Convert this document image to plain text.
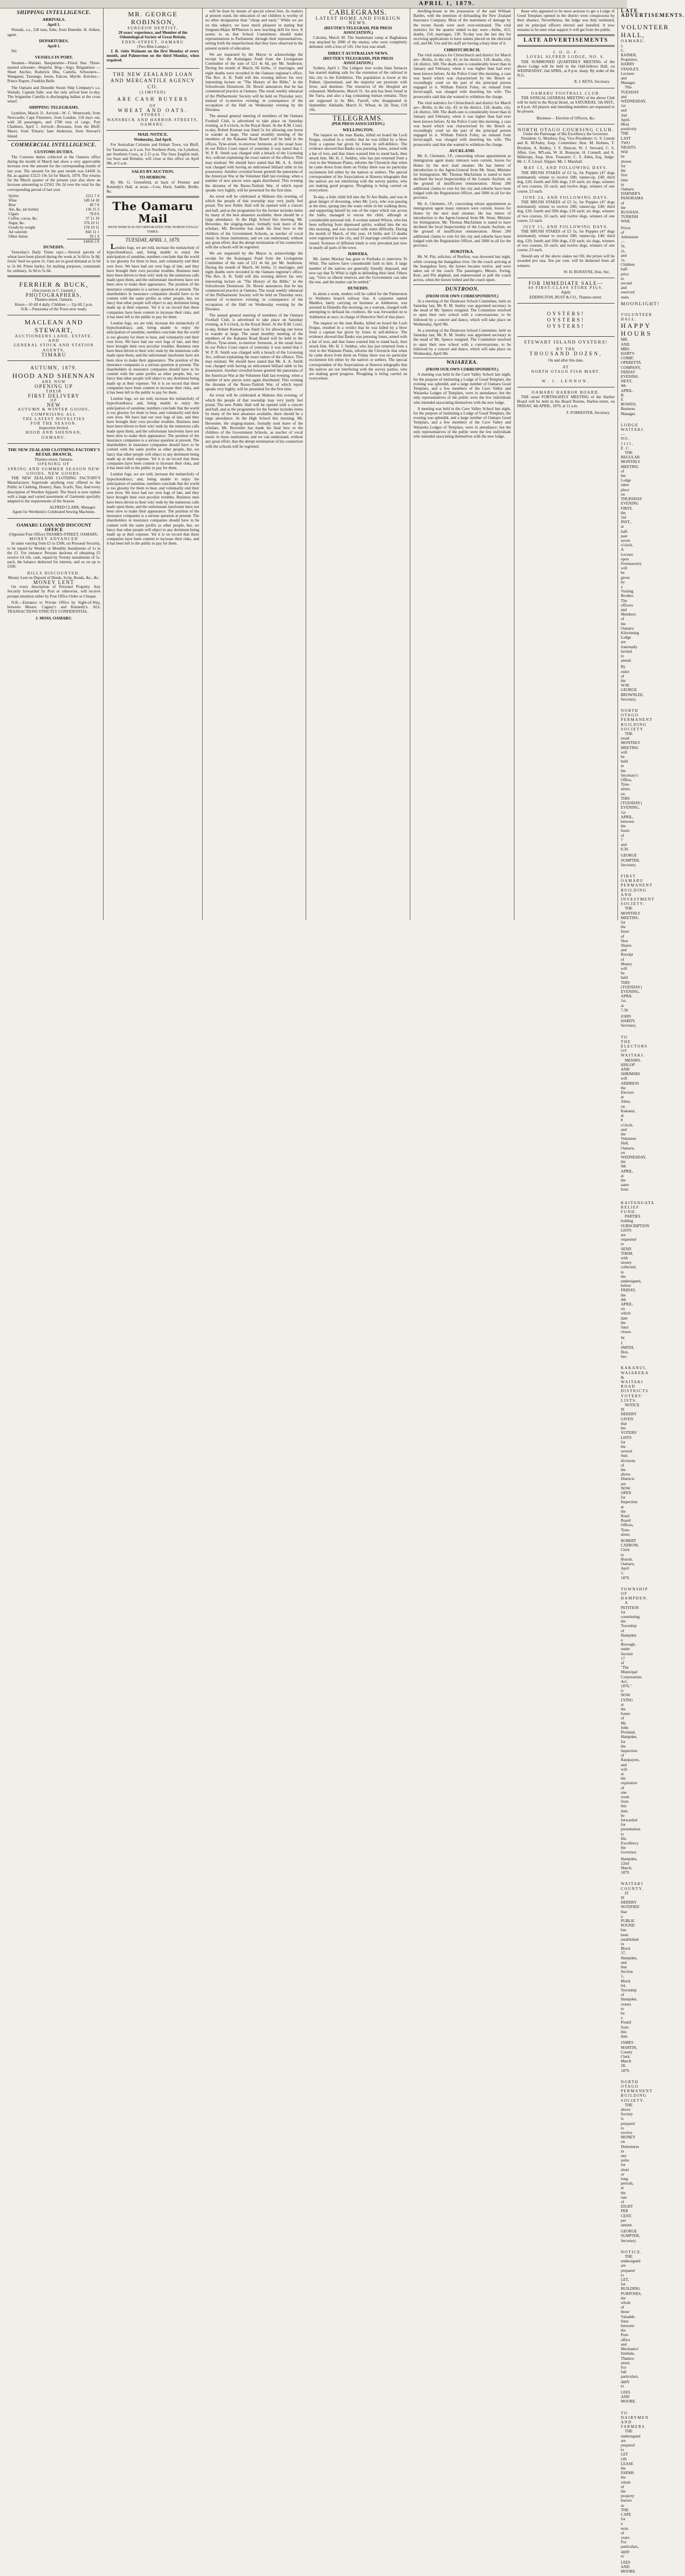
APRIL 1, 1879.
SHIPPING INTELLIGENCE.
ARRIVALS.
April 1.
Waitaki, s.s., 228 tons, Edie, from Dunedin. H. Aitken, agent.
DEPARTURES.
April 1.
Nil.
VESSELS IN PORT.
Steamer—Waitaki. Barquentine—Floral Star. Three-masted schooner—Hopeful. Brig—Argo. Brigantines — Sheet Anchor, Roderick Dhu, Camilla. Schooners—Wanganui, Taurange, Jessie, Falcon, Myrtle. Ketches—Prince Rupert, Franklin Belle.
The Oamaru and Dunedin Steam Ship Company's s.s. Waitaki, Captain Edie, was the only arrival here to-day. The brigantine Camilla is discharging ballast at the cross wharf.
SHIPPING TELEGRAMS.
Lyttelton, March 31. Arrived—W. C. Wentworth, from Newcastle; Cape Finisterre, from London, 118 days out, with 28 passengers, and 1700 tons of cargo. Port Chalmers, April 1. Arrived—Rewanui, from the Bluff; Maori, from Timaru; Jane Anderson, from Stewart's Island.
COMMERCIAL INTELLIGENCE.
CUSTOMS DUTIES.
The Customs duties collected at the Oamaru office during the month of March last show a very appreciable increase over the amount for the corresponding month of last year. The amount for the past month was £4436 2s 8d, as against £3223 10s 5d for March, 1878. The returns for the March quarter of the present year also show an increase amounting to £2562 19s 2d over the total for the corresponding period of last year.
Spirits	2211 7 4
Wine	149 14 10
Beer	49 7 0
Ale, &c. (in bottle)	136 15 3
Cigars	78 0 6
Coffee, cocoa, &c.	37 11 10
Sugar, &c.	376 10 11
Goods by weight	178 10 11
Ad valorem	843 11 1
Other duties	39 1 9
	£4436 2 8
DUNEDIN.
Yesterday's Daily Times says:—Several parcels of wheat have been placed during the week at 3s 6d to 3s 8d; fowls' feed we quote 2s. Oats are in good demand at 2s 6d to 2s 8d. Prime barley, for malting purposes, commands 6s; ordinary, 3s 9d to 5s 6d.
FERRIER & BUCK,
(Successors to C. Garnett,)
PHOTOGRAPHERS,
Thames-street, Oamaru.
Hours—10 till 4 daily. Children — Up till 2 p.m.
N.B.—Panorama of the Town now ready.
MACLEAN AND STEWART,
AUCTIONEERS LAND, ESTATE,
AND
GENERAL STOCK AND STATION AGENTS,
TIMARU
AUTUMN, 1879.
HOOD AND SHENNAN
ARE NOW
OPENING UP
THEIR
FIRST DELIVERY
OF
NEW
AUTUMN & WINTER GOODS,
COMPRISING ALL
THE LATEST NOVELTIES
FOR THE SEASON.
Inspection Invited.
HOOD AND SHENNAN,
OAMARU.
THE NEW ZEALAND CLOTHING FACTORY'S RETAIL BRANCH,
Thames-street, Oamaru.
OPENING OF
SPRING AND SUMMER SEASON NEW GOODS, NEW GOODS.
THE NEW ZEALAND CLOTHING FACTORY'S Manufactures Supersede anything ever offered to the Public in Clothing, Hosiery, Hats, Scarfs, Ties, And every description of Woollen Apparel. The Stock is now replete with a large and varied assortment of Garments specially adapted to the requirements of the Season.
ALFRED CLARK, Manager.
Agent for Wertheim's Celebrated Sewing Machines.
OAMARU LOAN AND DISCOUNT OFFICE
(Opposite Post Office) THAMES-STREET, OAMARU.
MONEY ADVANCED
In sums varying from £5 to £500, on Personal Security, to be repaid by Weekly or Monthly Instalments of 1s in the £1. For instance: Persons desirous of obtaining £5 receive £4 10s. cash, repaid by Twenty instalments of 5s. each, the balance deducted for interest, and so on up to £500.
BILLS DISCOUNTED.
Money Lent on Deposit of Deeds, Scrip, Bonds, &c., &c.
MONEY LENT
On every description of Personal Property. Any Security forwarded by Post or otherwise, will receive prompt attention either by Post Office Order or Cheque.
N.B.—Entrance to Private Office by Sight-of-Way, between Messrs. Cagney's and Kennedy's. ALL TRANSACTIONS STRICTLY CONFIDENTIAL.
J. MOSS, OAMARU.
MR. GEORGE ROBINSON,
SURGEON DENTIST,
20 years' experience, and Member of the Odontological Society of Great Britain,
EDEN-STREET, OAMARU
(Two Blue Lamps.)
J. R. visits Waimate on the first Monday of every month, and Palmerston on the third Monday, when required.
THE NEW ZEALAND LOAN AND MERCANTILE AGENCY CO.
(LIMITED)
ARE CASH BUYERS
OF
WHEAT AND OATS.
STORES :
WANSBECK AND HARBOR-STREETS, OAMARU.
MAIL NOTICE.
Wednesday, 2nd April.
For Australian Colonies and Hobart Town, via Bluff, for Tasmania, at 6 a.m. For Northern Ports, via Lyttelton, per Southern Cross, at 2.15 p.m. The Suez English mail, via Suez and Brindisi, will close at this office on April 9th, at 6 a.m.
SALES BY AUCTION.
TO-MORROW.
By Mr. G. Greenfield, at back of Premier and Kennedy's Hall, at noon.—Cow, Hack, Saddle, Bridle, &c.
The Oamaru Mail
WITH WHICH IS INCORPORATED THE NORTH OTAGO TIMES.
TUESDAY, APRIL 1, 1879.
London fogs, we are told, increase the melancholy of hypochondriacs; and, being unable to enjoy the anticipation of sunshine, numbers conclude that the world is too gloomy for them to bear, and voluntarily end their own lives. We have had our own fogs of late, and they have brought their own peculiar troubles. Business men have been driven to their wits' ends by the numerous calls made upon them, and the unfortunate insolvents have not been slow to make their appearance. The position of the insurance companies is a serious question at present. The shareholders in insurance companies should have to be content with the same profits as other people, but, we fancy that other people will object to any detriment being made up at their expense. Yet it is on record that these companies have been content to increase their risks, and it has been left to the public to pay for them.
London fogs, we are told, increase the melancholy of hypochondriacs; and, being unable to enjoy the anticipation of sunshine, numbers conclude that the world is too gloomy for them to bear, and voluntarily end their own lives. We have had our own fogs of late, and they have brought their own peculiar troubles. Business men have been driven to their wits' ends by the numerous calls made upon them, and the unfortunate insolvents have not been slow to make their appearance. The position of the insurance companies is a serious question at present. The shareholders in insurance companies should have to be content with the same profits as other people, but, we fancy that other people will object to any detriment being made up at their expense. Yet it is on record that these companies have been content to increase their risks, and it has been left to the public to pay for them.
London fogs, we are told, increase the melancholy of hypochondriacs; and, being unable to enjoy the anticipation of sunshine, numbers conclude that the world is too gloomy for them to bear, and voluntarily end their own lives. We have had our own fogs of late, and they have brought their own peculiar troubles. Business men have been driven to their wits' ends by the numerous calls made upon them, and the unfortunate insolvents have not been slow to make their appearance. The position of the insurance companies is a serious question at present. The shareholders in insurance companies should have to be content with the same profits as other people, but, we fancy that other people will object to any detriment being made up at their expense. Yet it is on record that these companies have been content to increase their risks, and it has been left to the public to pay for them.
London fogs, we are told, increase the melancholy of hypochondriacs; and, being unable to enjoy the anticipation of sunshine, numbers conclude that the world is too gloomy for them to bear, and voluntarily end their own lives. We have had our own fogs of late, and they have brought their own peculiar troubles. Business men have been driven to their wits' ends by the numerous calls made upon them, and the unfortunate insolvents have not been slow to make their appearance. The position of the insurance companies is a serious question at present. The shareholders in insurance companies should have to be content with the same profits as other people, but, we fancy that other people will object to any detriment being made up at their expense. Yet it is on record that these companies have been content to increase their risks, and it has been left to the public to pay for them.
will be done by means of special school fees. As matters at present stand, the education of our children is worthy of no other designation than "cheap and nasty." While we are on this subject, we have much pleasure in stating that Sergeant-Major M'Pherson is now teaching drill for love. It seems to us that School Committees should make representations to Parliament, through their representatives, setting forth the imperfections that they have observed in the present system of education.
We are requested by the Mayor to acknowledge the receipt for the Kaitangata Fund from the Livingstone Committee of the sum of £21 4s 6d, per Mr. Anderson. During the month of March, 66 births, 11 marriages, and eight deaths were recorded in the Oamaru registrar's office. The Rev. A. B. Todd will this evening deliver his very interesting lecture on "The History of the Bible," in the Schoolroom Dunstroon. Dr. Bowie announces that he has commenced practice at Oamaru. The usual weekly rehearsal of the Philharmonic Society will be held on Thursday next, instead of to-morrow evening, in consequence of the occupation of the Hall on Wednesday evening by the Diorama.
The annual general meeting of members of the Oamaru Football Club, is advertised to take place on Saturday evening, at 8 o'clock, in the Royal Hotel. At the R.M. Court, to-day, Robert Keenan was fined 5s for allowing one horse to wander at large. The usual monthly meeting of the members of the Kakanui Road Board will be held in the offices, Tyne-street, to-morrow forenoon, at the usual hour. In our Police Court report of yesterday it was stated that J. W. P. R. Smith was charged with a breach of the Licensing Act, without explaining the exact nature of the offence. This may mislead. We should have stated that Mr. A. A. Smith was charged with having an unlicensed billiard table in his possession. Another crowded house greeted the panorama of the American War at the Volunteer Hall last evening, when a number of new pieces were again distributed. This evening the diorama of the Russo-Turkish War, of which report speaks very highly, will be presented for the first time.
An event will be celebrated at Maheno this evening, of which the people of that township may very justly feel proud. The new Public Hall will be opened with a concert and ball, and as the programme for the former includes items by many of the best amateurs available, there should be a large attendance. At the High School this morning, Mr. Brownlee, the singing-master, formally took leave of the scholars. Mr. Brownlee has made his final bow to the children of the Government Schools, as teacher of vocal music in those institutions; and we can understand, without any great effort, that the abrupt termination of his connection with the schools will be regretted.
We are requested by the Mayor to acknowledge the receipt for the Kaitangata Fund from the Livingstone Committee of the sum of £21 4s 6d, per Mr. Anderson. During the month of March, 66 births, 11 marriages, and eight deaths were recorded in the Oamaru registrar's office. The Rev. A. B. Todd will this evening deliver his very interesting lecture on "The History of the Bible," in the Schoolroom Dunstroon. Dr. Bowie announces that he has commenced practice at Oamaru. The usual weekly rehearsal of the Philharmonic Society will be held on Thursday next, instead of to-morrow evening, in consequence of the occupation of the Hall on Wednesday evening by the Diorama.
The annual general meeting of members of the Oamaru Football Club, is advertised to take place on Saturday evening, at 8 o'clock, in the Royal Hotel. At the R.M. Court, to-day, Robert Keenan was fined 5s for allowing one horse to wander at large. The usual monthly meeting of the members of the Kakanui Road Board will be held in the offices, Tyne-street, to-morrow forenoon, at the usual hour. In our Police Court report of yesterday it was stated that J. W. P. R. Smith was charged with a breach of the Licensing Act, without explaining the exact nature of the offence. This may mislead. We should have stated that Mr. A. A. Smith was charged with having an unlicensed billiard table in his possession. Another crowded house greeted the panorama of the American War at the Volunteer Hall last evening, when a number of new pieces were again distributed. This evening the diorama of the Russo-Turkish War, of which report speaks very highly, will be presented for the first time.
An event will be celebrated at Maheno this evening, of which the people of that township may very justly feel proud. The new Public Hall will be opened with a concert and ball, and as the programme for the former includes items by many of the best amateurs available, there should be a large attendance. At the High School this morning, Mr. Brownlee, the singing-master, formally took leave of the scholars. Mr. Brownlee has made his final bow to the children of the Government Schools, as teacher of vocal music in those institutions; and we can understand, without any great effort, that the abrupt termination of his connection with the schools will be regretted.
CABLEGRAMS.
LATEST HOME AND FOREIGN NEWS.
(REUTER'S TELEGRAM, PER PRESS ASSOCIATION.)
Calcutta, March 30. The Sandemani camp at Baghakaua was attacked by 2000 of the enemy, who were completely defeated, with a loss of 145. Our loss was small.
DIRECT AUSTRALIAN NEWS.
(REUTER'S TELEGRAMS, PER PRESS ASSOCIATION.)
Sydney, April 1. The Lithgow iron works blast furnaces has started making rails for the extension of the railroad in this city to the Exhibition. The population is lower at the Palmer, Queensland, and the majority are prostrate with fever, and destitute. The resources of the Hospital are exhausted. Melbourne, March 31. An arm has been found in the Yarra, and also a bag containing human remains. They are supposed to be Mrs. Farrell, who disappeared in September. Adelaide, March 31. Wheat, 4s 2d; flour, £10 10s.
TELEGRAMS.
(PER PRESS ASSOCIATION.)
WELLINGTON.
The inquest on the man Banks, killed on board the Loch Fergus, resulted in a verdict that he was killed by a blow from a capstan bar given by Jones in self-defence. The evidence showed that Banks was pursuing Jones, armed with a bar of iron, and that Jones warned him to stand back, then struck him. Mr. H. J. Seddon, who has just returned from a visit to the Waimate Plains, informs the Chronicle that when he came down from them on Friday there was no particular excitement felt either by the natives or settlers. The special correspondent of the Associations at Hawera telegraphs that the natives are not interfering with the survey parties, who are making good progress. Ploughing is being carried on everywhere.
To-day, a little child fell into the Te Aro Baths, and was in great danger of drowning, when Mr. Levy, who was passing at the time, sprang into the water while in her walking dress, and supporting herself by one of the ropes which run across the baths, managed to rescue the child, although at considerable personal risk. A woman named Wilson, who has been suffering from depressed spirits, walked into the sea this morning, and was rescued with some difficulty. During the month of March, of this year, 14 births and 13 deaths were registered in the city, and 33 marriage certificates were issued. Sickness of different kinds is very prevalent just now in nearly all parts of the town.
HAWERA.
Mr. James Mackay has gone to Parihaka to interview Te Whiti. The natives have considerable faith in him. A large number of the natives are generally friendly disposed, and now say that Te Whiti is right in defending their land. Others say, "Give us liberal reserves and the Government can take the rest, and the matter can be settled."
DUNEDIN.
In about a week, tenders will be called for the Palmerston to Waihemo branch railway line. A carpenter named Maddox, lately carrying on business at Ashburton, was arrested in Dunedin this morning, on a warrant, charged with attempting to defraud his creditors. He was forwarded on to Ashburton at once, in charge of Detective Neil of that place.
The inquest on the man Banks, killed on board the Loch Fergus, resulted in a verdict that he was killed by a blow from a capstan bar given by Jones in self-defence. The evidence showed that Banks was pursuing Jones, armed with a bar of iron, and that Jones warned him to stand back, then struck him. Mr. H. J. Seddon, who has just returned from a visit to the Waimate Plains, informs the Chronicle that when he came down from them on Friday there was no particular excitement felt either by the natives or settlers. The special correspondent of the Associations at Hawera telegraphs that the natives are not interfering with the survey parties, who are making good progress. Ploughing is being carried on everywhere.
dwelling-house in the possession of the said William Battles, with the intention of defrauding the New Zealand Insurance Company. Most of the statements of damage by the recent floods were such over-estimated. The vital statistics for the quarter ended to-day were—births, 413; deaths, 154; marriages, 130. To-day was the last day for receiving applications to have names placed on the electoral roll, and Mr. Ure and his staff are having a busy time of it.
CHRISTCHURCH.
The vital statistics for Christchurch and district for March are—Births, in the city, 43; in the district, 118; deaths, city, 24; district, 500. The death-rate is considerably lower than in January and February, when it was higher than had ever been known before. At the Police Court this morning, a case was heard which was characterised by the Bench as exceedingly cruel on the part of the principal person engaged in it. William Patrick Foley, on remand from Invercargill, was charged with deserting his wife. The prosecutrix said that she wanted to withdraw the charge.
The vital statistics for Christchurch and district for March are—Births, in the city, 43; in the district, 118; deaths, city, 24; district, 500. The death-rate is considerably lower than in January and February, when it was higher than had ever been known before. At the Police Court this morning, a case was heard which was characterised by the Bench as exceedingly cruel on the part of the principal person engaged in it. William Patrick Foley, on remand from Invercargill, was charged with deserting his wife. The prosecutrix said that she wanted to withdraw the charge.
AUCKLAND.
Mr. A. Clements, J.P., concerning whose appointment as immigration agent many rumours were current, leaves for Home by the next mail steamer. He has letters of introduction to the Agent-General from Mr. Stout, Minister for Immigration. Mr. Thomas Macfarlane is stated to have declined the local Inspectorship of the Lunatic Asylum, on the ground of insufficient remuneration. About 200 additional claims to vote for the city and suburbs have been lodged with the Registration Officer, and 5000 in all for the province.
Mr. A. Clements, J.P., concerning whose appointment as immigration agent many rumours were current, leaves for Home by the next mail steamer. He has letters of introduction to the Agent-General from Mr. Stout, Minister for Immigration. Mr. Thomas Macfarlane is stated to have declined the local Inspectorship of the Lunatic Asylum, on the ground of insufficient remuneration. About 200 additional claims to vote for the city and suburbs have been lodged with the Registration Officer, and 5000 in all for the province.
HOKITIKA.
Mr. W. Pitt, solicitor, of Reefton, was drowned last night, while crossing the Inangahua river. On the coach arriving at the Inangahua ferry, the horses became restive, and were taken out of the coach. The passengers, Messrs. Ewing, Kerr, and Pitt alighted, and endeavoured to pull the coach across, when the horses bolted and the coach upset.
DUNTROON.
(FROM OUR OWN CORRESPONDENT.)
At a meeting of the Duntroon School Committee, held on Saturday last, Mr. R. M. Sunley was appointed secretary in the stead of Mr. Spence resigned. The Committee resolved to open their new school with a conversazione, to be followed by a concert and dance, which will take place on Wednesday, April 9th.
At a meeting of the Duntroon School Committee, held on Saturday last, Mr. R. M. Sunley was appointed secretary in the stead of Mr. Spence resigned. The Committee resolved to open their new school with a conversazione, to be followed by a concert and dance, which will take place on Wednesday, April 9th.
WAIAREKA.
(FROM OUR OWN CORRESPONDENT.)
A meeting was held in the Cave Valley School last night, for the purpose of instituting a Lodge of Good Templars, the evening was splendid, and a large number of Oamaru Good Templars, and a few members of the Cave Valley and Waiareka Lodges of Templars, were in attendance; but the only representatives of the public were the few individuals who intended associating themselves with the new lodge.
A meeting was held in the Cave Valley School last night, for the purpose of instituting a Lodge of Good Templars, the evening was splendid, and a large number of Oamaru Good Templars, and a few members of the Cave Valley and Waiareka Lodges of Templars, were in attendance; but the only representatives of the public were the few individuals who intended associating themselves with the new lodge.
those who appeared to be most anxious to get a Lodge of Good Templars opened in the district were conspicuous by their absence. Nevertheless, the lodge was duly instituted, and its principal officers elected and installed. It now remains to be seen what support it will get from the public.
LATE ADVERTISEMENTS
I. O. O. F.
LOYAL ALFRED LODGE, NO. 6.
THE SUMMONED QUARTERLY MEETING of the above Lodge will be held in the Odd-fellows Hall, on WEDNESDAY, 2nd APRIL, at 8 p.m. sharp. By order of the N.G.
R. J. KEYS, Secretary.
OAMARU FOOTBALL CLUB.
THE ANNUAL GENERAL MEETING of the above Club will be held in the Royal Hotel, on SATURDAY, 5th INST., at 8 p.m. All players and intending members are requested to be present.
Business— Election of Officers, &c.
NORTH OTAGO COURSING CLUB.
Under the Patronage of His Excellency the Governor.
President: G. Moulsey, Esq. Vice-Presidents: G. S. Lintott and R. M'Auley, Esqs. Committee: Hon. M. Holmes, T. Brydone, A. Redley, J. Y. Duncan, W. J. Steward, C. S. Allen, Geo. M'Lean, W. H. Bonayne, H. Connell, and A. Millerops, Esqs. Hon. Treasurer: C. S. Allen, Esq. Judge: Mr. C. F. Lloyd. Slipper: Mr. J. Marshall.
MAY 13, AND FOLLOWING DAYS.
THE BRUSH STAKES of £3 5s, for Puppies (47 dogs nominated); winner to receive £80; runner-up, £40; third dog, £20; fourth and fifth dogs, £10 each; six dogs, winners of two courses, £6 each; and twelve dogs, winners of one course, £3 each.
JUNE 24, AND FOLLOWING DAYS.
THE BRUSH STAKES of £3 5s, for Puppies (47 dogs nominated); winner to receive £80; runner-up, £40; third dog, £20; fourth and fifth dogs, £10 each; six dogs, winners of two courses, £6 each; and twelve dogs, winners of one course, £3 each.
JULY 15, AND FOLLOWING DAYS.
THE BRUSH STAKES of £3 5s, for Puppies (47 dogs nominated); winner to receive £80; runner-up, £40; third dog, £20; fourth and fifth dogs, £10 each; six dogs, winners of two courses, £6 each; and twelve dogs, winners of one course, £3 each.
Should any of the above stakes not fill, the prizes will be awarded pro rata. Ten per cent. will be deducted from all winners.
W. H. BONAYNE, Hon. Sec.
FOR IMMEDIATE SALE—
40 FIRST-CLASS STORE PIGS.
Apply
EDDINGTON, BUST & CO., Thames-street.
OYSTERS!
OYSTERS!
OYSTERS!
STEWART ISLAND OYSTERS!
BY THE
THOUSAND DOZEN,
On and after this date,
AT
NORTH OTAGO FISH MART.
W. J. LENNON.
OAMARU HARBOR BOARD.
THE usual FORTNIGHTLY MEETING of the Harbor Board will be held in the Board Rooms, Harbor-street, on FRIDAY, 4th APRIL, 1879, at 11 a.m.
T. FORRESTER, Secretary.
LATE ADVERTISEMENTS.
VOLUNTEER HALL,
OAMARU.
J. C. RAINER, Proprietor. HARRY STANLEY, Lecturer and Manager.
This TUESDAY and WEDNESDAY, 1st and 2nd April. Most positively THE LAST TWO NIGHTS. Will be shown for the first time in Oamaru DARNER'S PANORAMA of the RUSSIAN-TURKISH WAR.
Prices of Admission—3s, 2s, and 1s. Children half-price to second and reserved seats.
MOONLIGHT!
VOLUNTEER HALL.
HAPPY HOURS
MR. AND MRS. HART'S COMIC OPERETTA COMPANY, FRIDAY EVENING NEXT, 4th APRIL.
B. F. BOWEN, Business Manager.
LODGE WAITAKI.—NO. 1111, E.C.
THE REGULAR MONTHLY MEETING of the Lodge takes place on THURSDAY EVENING FIRST, the 3rd INST., at half-past seven o'clock. A Lecture upon Freemasonry will be given by a Visiting Brother. The officers and Members of the Oamaru Kilwinning Lodge are fraternally invited to attend.
By order of the W.M.
GEORGE BROWNLEE, Secretary.
NORTH OTAGO PERMANENT BUILDING SOCIETY.
THE usual MONTHLY MEETING will be held at the Secretary's Office, Tyne-street, on THIS (TUESDAY) EVENING, 1st APRIL, between the hours of 7 and 8.30.
GEORGE SUMPTER, Secretary.
FIRST OAMARU PERMANENT BUILDING AND INVESTMENT SOCIETY.
THE MONTHLY MEETING for the Issue of New Shares and Receipt of Money will be held THIS (TUESDAY) EVENING, APRIL 1st, at 7.30.
JOHN HARDY, Secretary.
TO THE ELECTORS OF WAITAKI.
MESSRS. HISLOP AND SHRIMSKI will ADDRESS the Electors at Alma, on Kakanui, at 8 o'clock, and the Volunteer Hall, Oamaru, on WEDNESDAY, the 9th APRIL, at the same hour.
KAITANGATA RELIEF FUND.
PARTIES holding SUBSCRIPTION LISTS are requested to SEND THEM, with money collected, to the undersigned, before FRIDAY, the 4th APRIL, on which date the fund closes.
W. J. SMITH, Hon. Sec.
KAKANUI, WAIAREKA & WAITAKI ROAD DISTRICTS.
VOTERS' LISTS.
NOTICE IS HEREBY GIVEN that the VOTERS' LISTS for the several Sub-divisions of the above Districts are NOW OPEN for Inspection at the Road Board Offices, Tyne-street.
ROBERT CARROW, Clerk to Boards.
Oamaru, April 1, 1879.
TOWNSHIP OF HAMPDEN.
A PETITION for constituting the Township of Hampden a Borough, under Section 17 of "The Municipal Corporations Act, 1876," is NOW LYING at the house of Mr. John Presland, Hampden, for the inspection of Ratepayers, and will at the expiration of one week from this date, be forwarded for presentation to His Excellency the Governor.
Hampden, 22nd March, 1879.
WAITAKI COUNTY.
IT IS HEREBY NOTIFIED that a PUBLIC POUND has been established in Block 37, Hampden, and that Section 1, Block 64, Township of Hampden, ceases to be a Pound from this date.
JAMES MARTIN, County Clerk.
March 28, 1879.
NORTH OTAGO PERMANENT BUILDING SOCIETY.
THE above Society is prepared to receive MONEY on Debentures in any sums for short or long periods, at the rate of EIGHT PER CENT. per annum.
GEORGE SUMPTER, Secretary.
NOTICE.
THE undersigned are prepared to LET, for BUILDING PURPOSES, the whole of those Valuable Sites between the Post-office and Mechanics' Institute, Thames-street. For full particulars, apply to
LEES AND MOORE.
TO DAIRYMEN AND FARMERS.
THE undersigned are prepared to LET ON LEASE the FARMS the whole of the property known as THE CAPE for a term of years. For particulars, apply to
LEES AND MOORE.
